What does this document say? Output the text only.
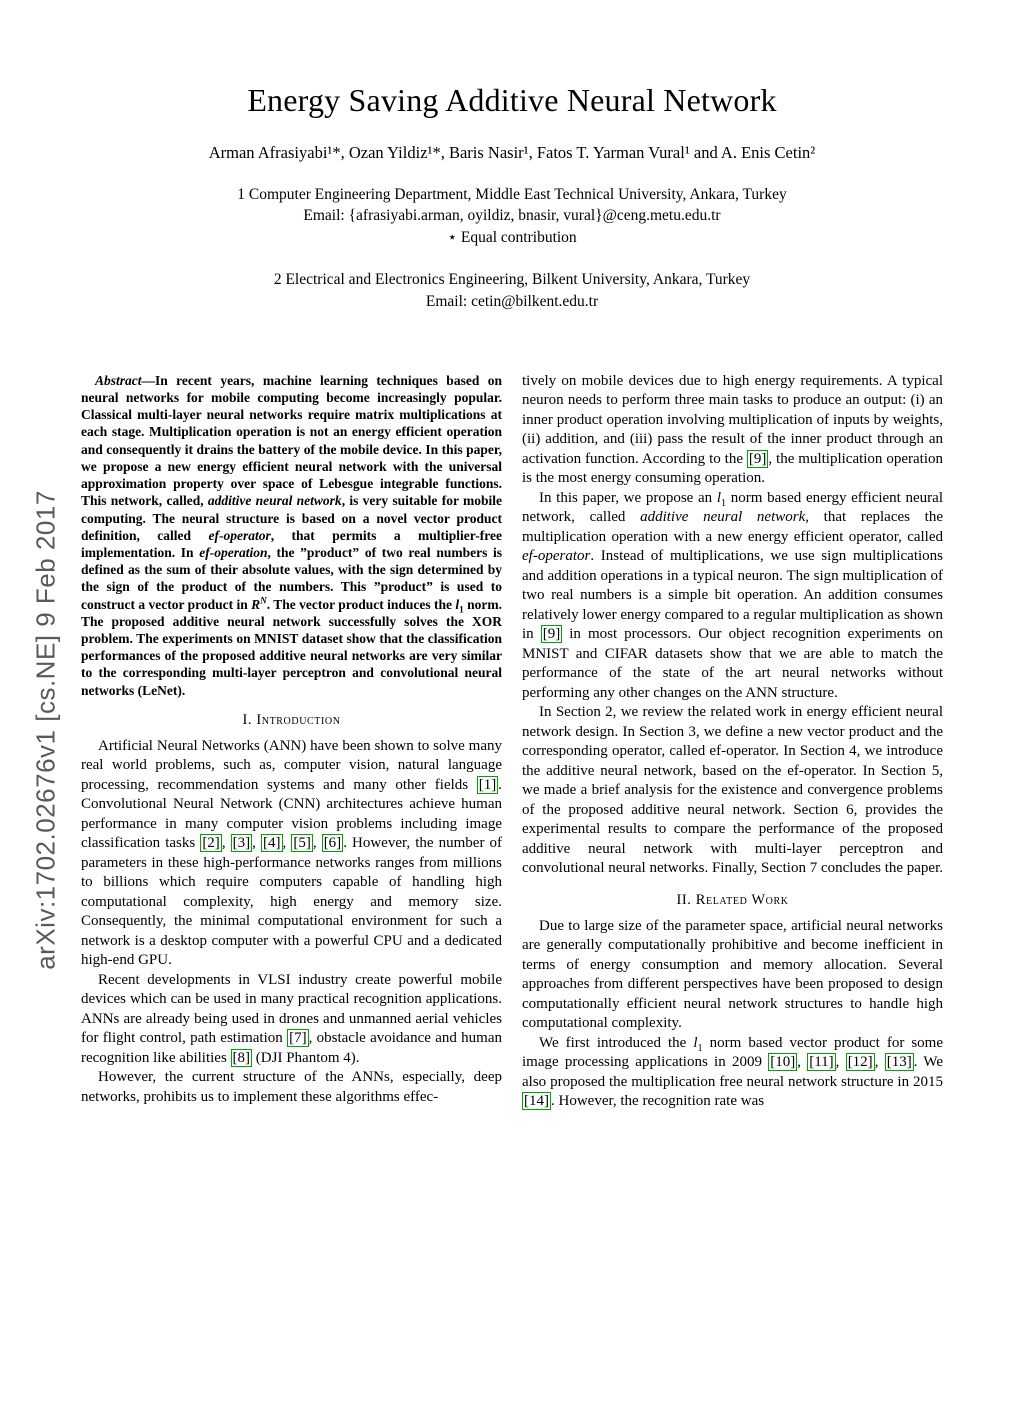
arXiv:1702.02676v1 [cs.NE] 9 Feb 2017
Energy Saving Additive Neural Network
Arman Afrasiyabi¹*, Ozan Yildiz¹*, Baris Nasir¹, Fatos T. Yarman Vural¹ and A. Enis Cetin²
1 Computer Engineering Department, Middle East Technical University, Ankara, Turkey
Email: {afrasiyabi.arman, oyildiz, bnasir, vural}@ceng.metu.edu.tr
⋆ Equal contribution
2 Electrical and Electronics Engineering, Bilkent University, Ankara, Turkey
Email: cetin@bilkent.edu.tr

Abstract—In recent years, machine learning techniques based on neural networks for mobile computing become increasingly popular. Classical multi-layer neural networks require matrix multiplications at each stage. Multiplication operation is not an energy efficient operation and consequently it drains the battery of the mobile device. In this paper, we propose a new energy efficient neural network with the universal approximation property over space of Lebesgue integrable functions. This network, called, additive neural network, is very suitable for mobile computing. The neural structure is based on a novel vector product definition, called ef-operator, that permits a multiplier-free implementation. In ef-operation, the ”product” of two real numbers is defined as the sum of their absolute values, with the sign determined by the sign of the product of the numbers. This ”product” is used to construct a vector product in $R^N$. The vector product induces the $l_1$ norm. The proposed additive neural network successfully solves the XOR problem. The experiments on MNIST dataset show that the classification performances of the proposed additive neural networks are very similar to the corresponding multi-layer perceptron and convolutional neural networks (LeNet).

I. Introduction

Artificial Neural Networks (ANN) have been shown to solve many real world problems, such as, computer vision, natural language processing, recommendation systems and many other fields [1] . Convolutional Neural Network (CNN) architectures achieve human performance in many computer vision problems including image classification tasks [2] , [3] , [4] , [5] , [6] . However, the number of parameters in these high-performance networks ranges from millions to billions which require computers capable of handling high computational complexity, high energy and memory size. Consequently, the minimal computational environment for such a network is a desktop computer with a powerful CPU and a dedicated high-end GPU.

Recent developments in VLSI industry create powerful mobile devices which can be used in many practical recognition applications. ANNs are already being used in drones and unmanned aerial vehicles for flight control, path estimation [7] , obstacle avoidance and human recognition like abilities [8] (DJI Phantom 4).

However, the current structure of the ANNs, especially, deep networks, prohibits us to implement these algorithms effec-

tively on mobile devices due to high energy requirements. A typical neuron needs to perform three main tasks to produce an output: (i) an inner product operation involving multiplication of inputs by weights, (ii) addition, and (iii) pass the result of the inner product through an activation function. According to the [9] , the multiplication operation is the most energy consuming operation.

In this paper, we propose an $l_1$ norm based energy efficient neural network, called additive neural network, that replaces the multiplication operation with a new energy efficient operator, called ef-operator. Instead of multiplications, we use sign multiplications and addition operations in a typical neuron. The sign multiplication of two real numbers is a simple bit operation. An addition consumes relatively lower energy compared to a regular multiplication as shown in [9] in most processors. Our object recognition experiments on MNIST and CIFAR datasets show that we are able to match the performance of the state of the art neural networks without performing any other changes on the ANN structure.

In Section 2, we review the related work in energy efficient neural network design. In Section 3, we define a new vector product and the corresponding operator, called ef-operator. In Section 4, we introduce the additive neural network, based on the ef-operator. In Section 5, we made a brief analysis for the existence and convergence problems of the proposed additive neural network. Section 6, provides the experimental results to compare the performance of the proposed additive neural network with multi-layer perceptron and convolutional neural networks. Finally, Section 7 concludes the paper.

II. Related Work

Due to large size of the parameter space, artificial neural networks are generally computationally prohibitive and become inefficient in terms of energy consumption and memory allocation. Several approaches from different perspectives have been proposed to design computationally efficient neural network structures to handle high computational complexity.

We first introduced the $l_1$ norm based vector product for some image processing applications in 2009 [10] , [11] , [12] , [13] . We also proposed the multiplication free neural network structure in 2015 [14] . However, the recognition rate was
